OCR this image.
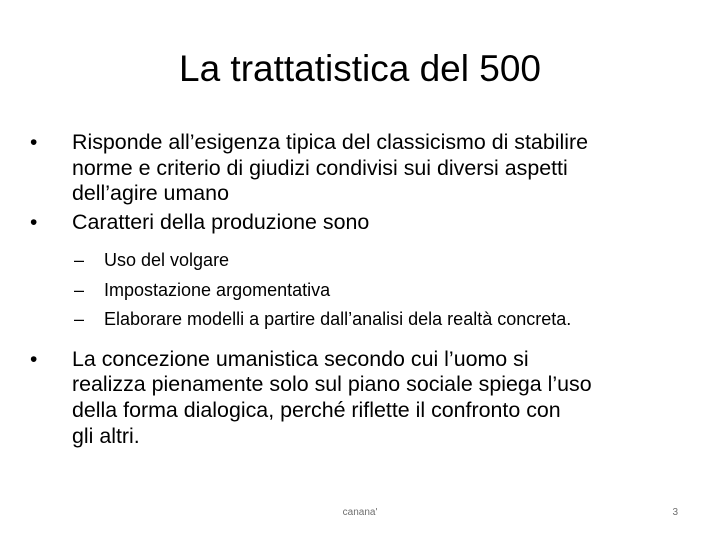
La trattatistica del 500
• Risponde all’esigenza tipica del classicismo di stabilire
norme e criterio di giudizi condivisi sui diversi aspetti
dell’agire umano
• Caratteri della produzione sono
– Uso del volgare
– Impostazione argomentativa
– Elaborare modelli a partire dall’analisi dela realtà concreta.
• La concezione umanistica secondo cui l’uomo si
realizza pienamente solo sul piano sociale spiega l’uso
della forma dialogica, perché riflette il confronto con
gli altri.
canana'	3
